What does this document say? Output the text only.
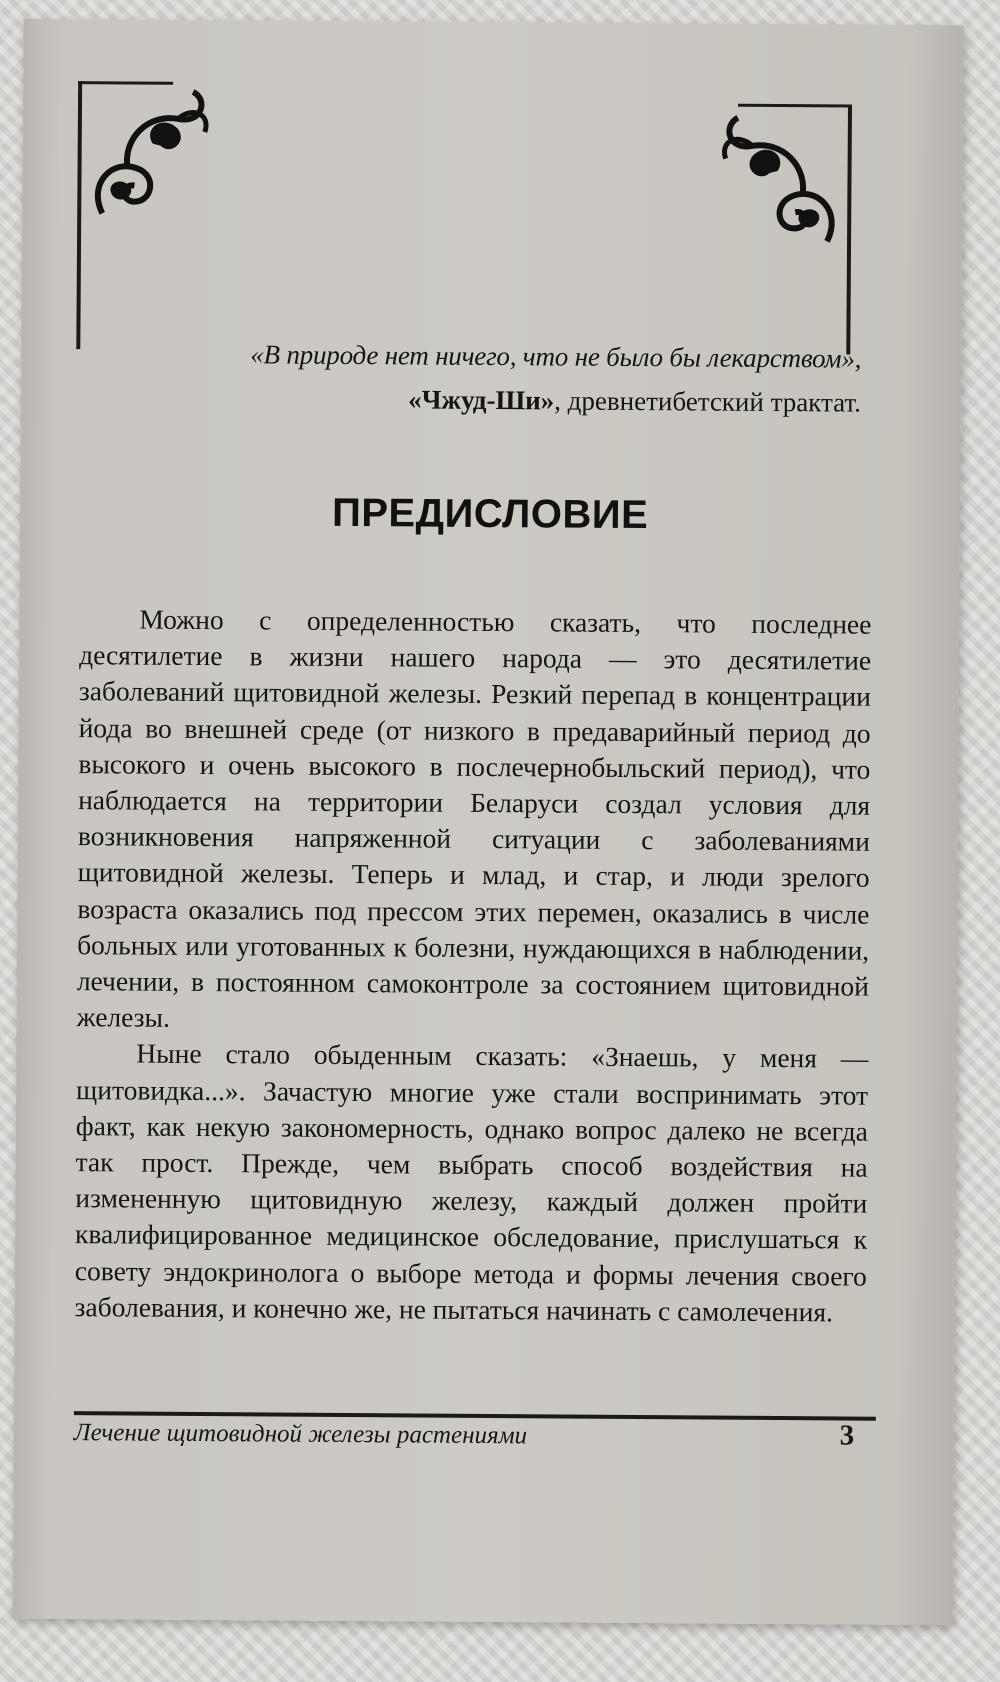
«В природе нет ничего, что не было бы лекарством»,
«Чжуд-Ши», древнетибетский трактат.
ПРЕДИСЛОВИЕ

Можно с определенностью сказать, что последнее десятилетие в жизни нашего народа — это десятилетие заболеваний щитовидной железы. Резкий перепад в концентрации йода во внешней среде (от низкого в предаварийный период до высокого и очень высокого в послечернобыльский период), что наблюдается на территории Беларуси создал условия для возникновения напряженной ситуации с заболеваниями щитовидной железы. Теперь и млад, и стар, и люди зрелого возраста оказались под прессом этих перемен, оказались в числе больных или уготованных к болезни, нуждающихся в наблюдении, лечении, в постоянном самоконтроле за состоянием щитовидной железы.

Ныне стало обыденным сказать: «Знаешь, у меня — щитовидка...». Зачастую многие уже стали воспринимать этот факт, как некую закономерность, однако вопрос далеко не всегда так прост. Прежде, чем выбрать способ воздействия на измененную щитовидную железу, каждый должен пройти квалифицированное медицинское обследование, прислушаться к совету эндокринолога о выборе метода и формы лечения своего заболевания, и конечно же, не пытаться начинать с самолечения.

Лечение щитовидной железы растениями	3
